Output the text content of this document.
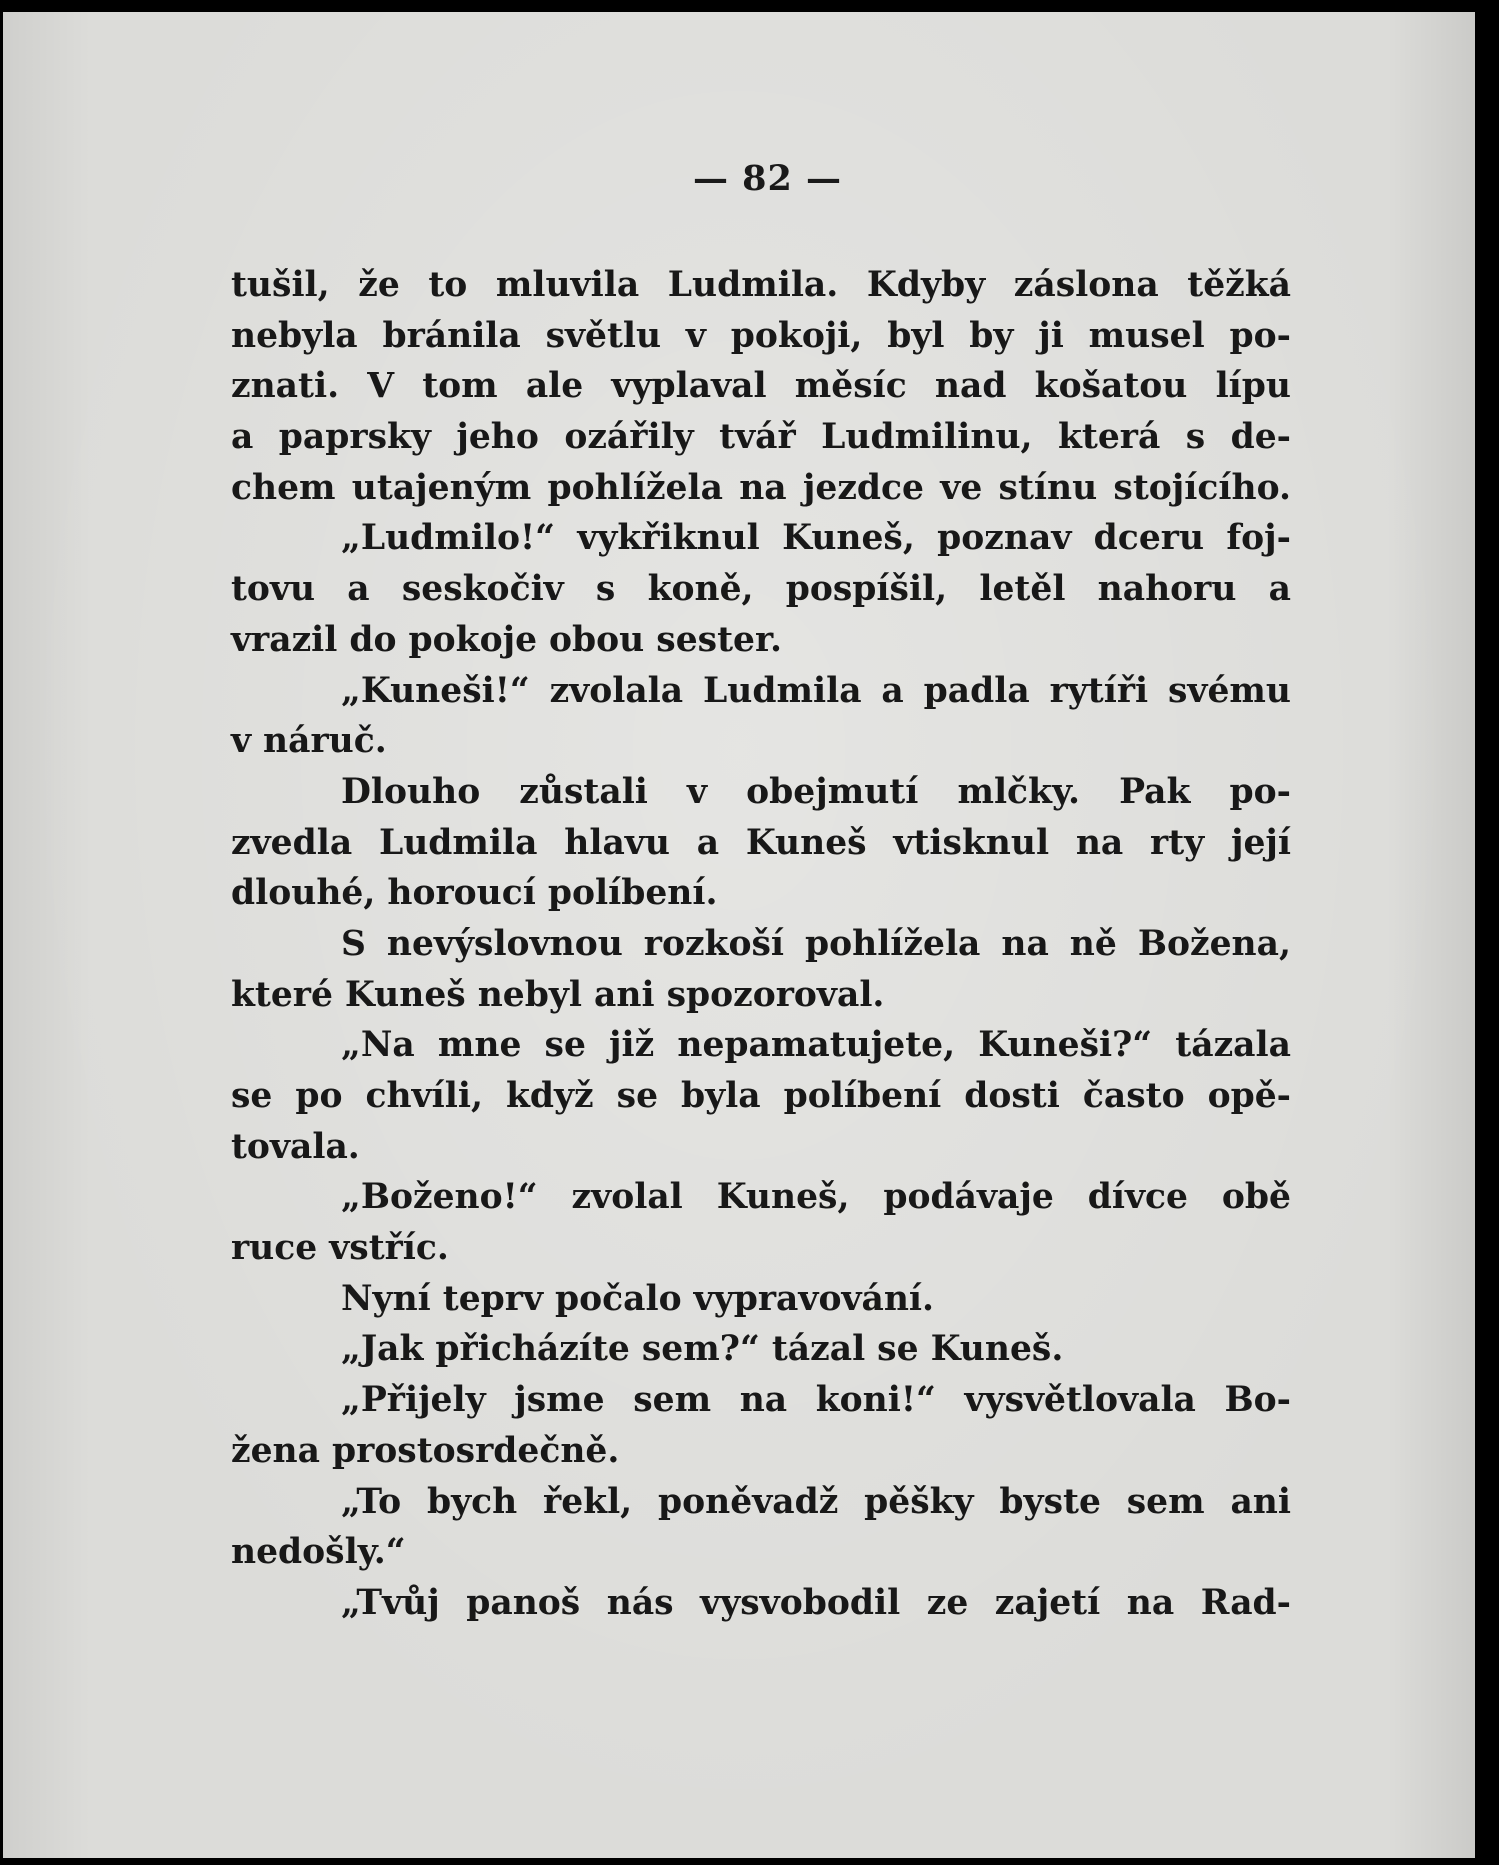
— 82 —
tušil, že to mluvila Ludmila. Kdyby záslona těžká
nebyla bránila světlu v pokoji, byl by ji musel po-
znati. V tom ale vyplaval měsíc nad košatou lípu
a paprsky jeho ozářily tvář Ludmilinu, která s de-
chem utajeným pohlížela na jezdce ve stínu stojícího.
„Ludmilo!“ vykřiknul Kuneš, poznav dceru foj-
tovu a seskočiv s koně, pospíšil, letěl nahoru a
vrazil do pokoje obou sester.
„Kuneši!“ zvolala Ludmila a padla rytíři svému
v náruč.
Dlouho zůstali v obejmutí mlčky. Pak po-
zvedla Ludmila hlavu a Kuneš vtisknul na rty její
dlouhé, horoucí políbení.
S nevýslovnou rozkoší pohlížela na ně Božena,
které Kuneš nebyl ani spozoroval.
„Na mne se již nepamatujete, Kuneši?“ tázala
se po chvíli, když se byla políbení dosti často opě-
tovala.
„Boženo!“ zvolal Kuneš, podávaje dívce obě
ruce vstříc.
Nyní teprv počalo vypravování.
„Jak přicházíte sem?“ tázal se Kuneš.
„Přijely jsme sem na koni!“ vysvětlovala Bo-
žena prostosrdečně.
„To bych řekl, poněvadž pěšky byste sem ani
nedošly.“
„Tvůj panoš nás vysvobodil ze zajetí na Rad-
